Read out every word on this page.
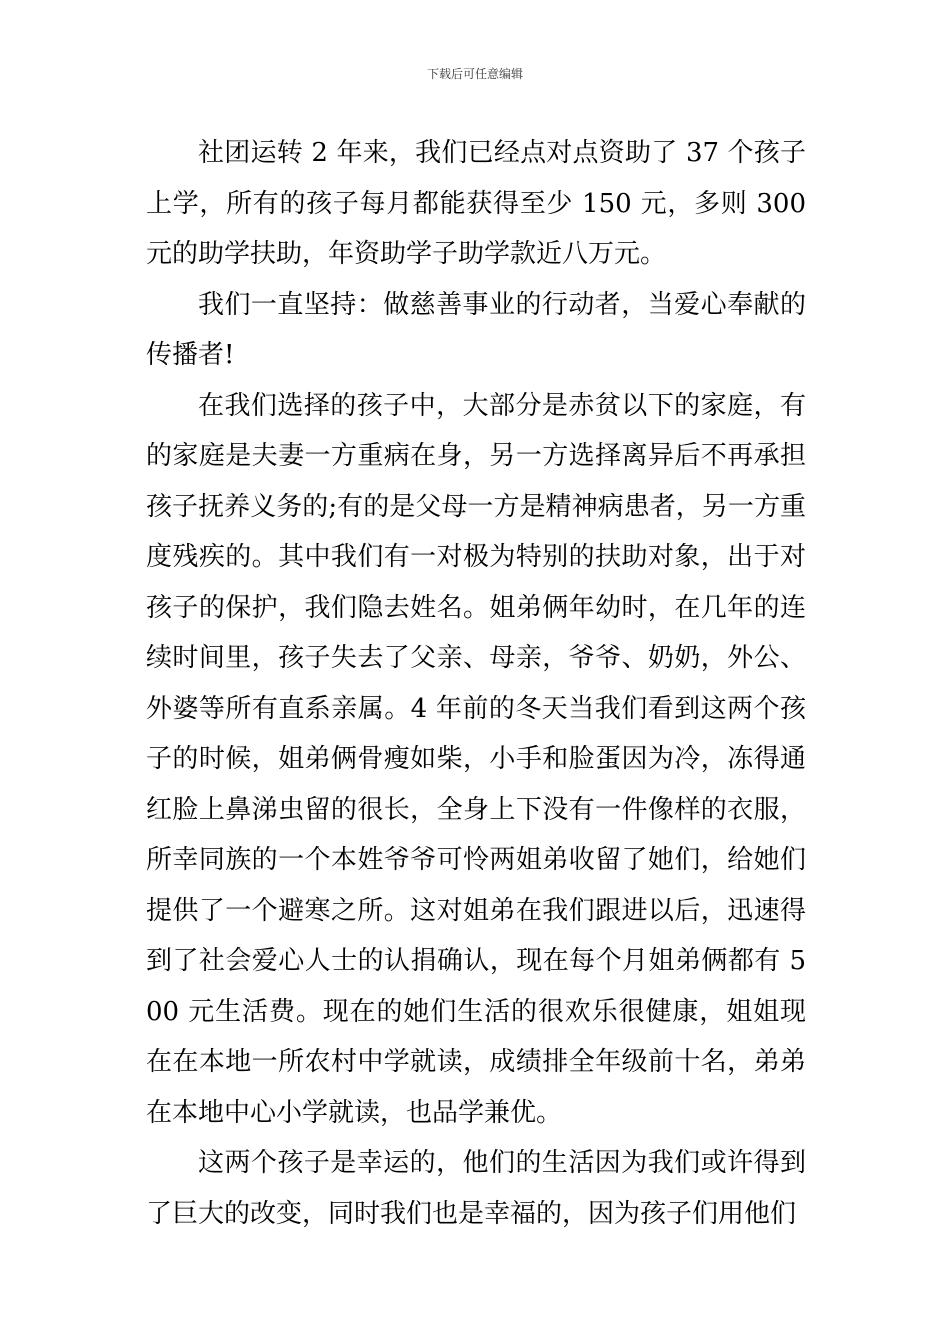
下载后可任意编辑

社团运转 2 年来，我们已经点对点资助了 37 个孩子上学，所有的孩子每月都能获得至少 150 元，多则 300 元的助学扶助，年资助学子助学款近八万元。

我们一直坚持：做慈善事业的行动者，当爱心奉献的传播者!

在我们选择的孩子中，大部分是赤贫以下的家庭，有的家庭是夫妻一方重病在身，另一方选择离异后不再承担孩子抚养义务的;有的是父母一方是精神病患者，另一方重度残疾的。其中我们有一对极为特别的扶助对象，出于对孩子的保护，我们隐去姓名。姐弟俩年幼时，在几年的连续时间里，孩子失去了父亲、母亲，爷爷、奶奶，外公、外婆等所有直系亲属。4 年前的冬天当我们看到这两个孩子的时候，姐弟俩骨瘦如柴，小手和脸蛋因为冷，冻得通红脸上鼻涕虫留的很长，全身上下没有一件像样的衣服，所幸同族的一个本姓爷爷可怜两姐弟收留了她们，给她们提供了一个避寒之所。这对姐弟在我们跟进以后，迅速得到了社会爱心人士的认捐确认，现在每个月姐弟俩都有 500 元生活费。现在的她们生活的很欢乐很健康，姐姐现在在本地一所农村中学就读，成绩排全年级前十名，弟弟在本地中心小学就读，也品学兼优。

这两个孩子是幸运的，他们的生活因为我们或许得到了巨大的改变，同时我们也是幸福的，因为孩子们用他们
